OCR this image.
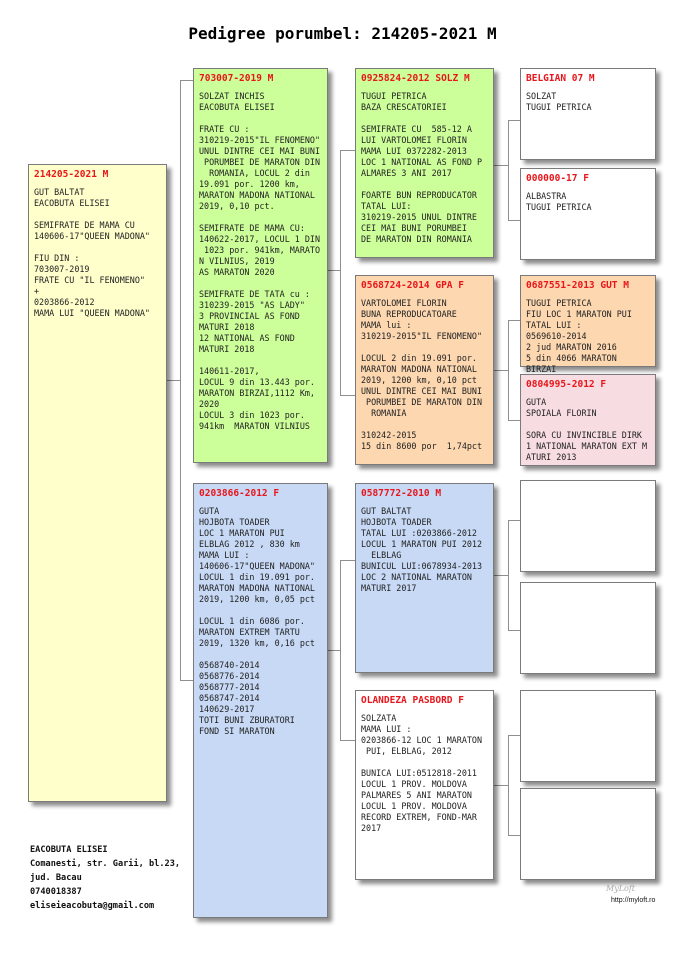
Pedigree porumbel: 214205-2021 M
214205-2021 M
GUT BALTAT
EACOBUTA ELISEI

SEMIFRATE DE MAMA CU
140606-17"QUEEN MADONA"

FIU DIN :
703007-2019
FRATE CU "IL FENOMENO"
+
0203866-2012
MAMA LUI "QUEEN MADONA"
703007-2019 M
SOLZAT INCHIS
EACOBUTA ELISEI

FRATE CU :
310219-2015"IL FENOMENO"
UNUL DINTRE CEI MAI BUNI
PORUMBEI DE MARATON DIN
ROMANIA, LOCUL 2 din
19.091 por. 1200 km,
MARATON MADONA NATIONAL
2019, 0,10 pct.

SEMIFRATE DE MAMA CU:
140622-2017, LOCUL 1 DIN
1023 por. 941km, MARATO
N VILNIUS, 2019
AS MARATON 2020

SEMIFRATE DE TATA cu :
310239-2015 "AS LADY"
3 PROVINCIAL AS FOND
MATURI 2018
12 NATIONAL AS FOND
MATURI 2018

140611-2017,
LOCUL 9 din 13.443 por.
MARATON BIRZAI,1112 Km,
2020
LOCUL 3 din 1023 por.
941km  MARATON VILNIUS
0203866-2012 F
GUTA
HOJBOTA TOADER
LOC 1 MARATON PUI
ELBLAG 2012 , 830 km
MAMA LUI :
140606-17"QUEEN MADONA"
LOCUL 1 din 19.091 por.
MARATON MADONA NATIONAL
2019, 1200 km, 0,05 pct

LOCUL 1 din 6086 por.
MARATON EXTREM TARTU
2019, 1320 km, 0,16 pct

0568740-2014
0568776-2014
0568777-2014
0568747-2014
140629-2017
TOTI BUNI ZBURATORI
FOND SI MARATON
0925824-2012 SOLZ M
TUGUI PETRICA
BAZA CRESCATORIEI

SEMIFRATE CU  585-12 A
LUI VARTOLOMEI FLORIN
MAMA LUI 0372282-2013
LOC 1 NATIONAL AS FOND P
ALMARES 3 ANI 2017

FOARTE BUN REPRODUCATOR
TATAL LUI:
310219-2015 UNUL DINTRE
CEI MAI BUNI PORUMBEI
DE MARATON DIN ROMANIA
0568724-2014 GPA F
VARTOLOMEI FLORIN
BUNA REPRODUCATOARE
MAMA lui :
310219-2015"IL FENOMENO"

LOCUL 2 din 19.091 por.
MARATON MADONA NATIONAL
2019, 1200 km, 0,10 pct
UNUL DINTRE CEI MAI BUNI
PORUMBEI DE MARATON DIN
ROMANIA

310242-2015
15 din 8600 por  1,74pct
0587772-2010 M
GUT BALTAT
HOJBOTA TOADER
TATAL LUI :0203866-2012
LOCUL 1 MARATON PUI 2012
ELBLAG
BUNICUL LUI:0678934-2013
LOC 2 NATIONAL MARATON
MATURI 2017
OLANDEZA PASBORD F
SOLZATA
MAMA LUI :
0203866-12 LOC 1 MARATON
PUI, ELBLAG, 2012

BUNICA LUI:0512818-2011
LOCUL 1 PROV. MOLDOVA
PALMARES 5 ANI MARATON
LOCUL 1 PROV. MOLDOVA
RECORD EXTREM, FOND-MAR
2017
BELGIAN 07 M
SOLZAT
TUGUI PETRICA
000000-17 F
ALBASTRA
TUGUI PETRICA
0687551-2013 GUT M
TUGUI PETRICA
FIU LOC 1 MARATON PUI
TATAL LUI :
0569610-2014
2 jud MARATON 2016
5 din 4066 MARATON BIRZAI
0804995-2012 F
GUTA
SPOIALA FLORIN

SORA CU INVINCIBLE DIRK
1 NATIONAL MARATON EXT M
ATURI 2013
EACOBUTA ELISEI
Comanesti, str. Garii, bl.23,
jud. Bacau
0740018387
eliseieacobuta@gmail.com
MyLoft
http://myloft.ro
